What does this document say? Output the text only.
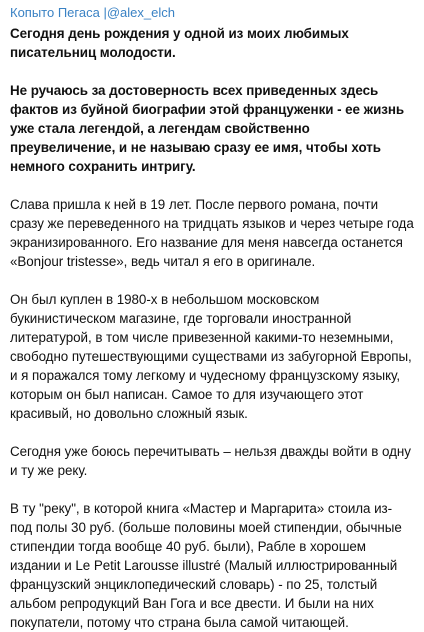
Копыто Пегаса |@alex_elch
Сегодня день рождения у одной из моих любимых писательниц молодости.
Не ручаюсь за достоверность всех приведенных здесь фактов из буйной биографии этой француженки - ее жизнь уже стала легендой, а легендам свойственно преувеличение, и не называю сразу ее имя, чтобы хоть немного сохранить интригу.
Слава пришла к ней в 19 лет. После первого романа, почти сразу же переведенного на тридцать языков и через четыре года экранизированного. Его название для меня навсегда останется «Bonjour tristesse», ведь читал я его в оригинале.
Он был куплен в 1980-х в небольшом московском букинистическом магазине, где торговали иностранной литературой, в том числе привезенной какими-то неземными, свободно путешествующими существами из забугорной Европы, и я поражался тому легкому и чудесному французскому языку, которым он был написан. Самое то для изучающего этот красивый, но довольно сложный язык.
Сегодня уже боюсь перечитывать – нельзя дважды войти в одну и ту же реку.
В ту "реку", в которой книга «Мастер и Маргарита» стоила из-под полы 30 руб. (больше половины моей стипендии, обычные стипендии тогда вообще 40 руб. были), Рабле в хорошем издании и Le Petit Larousse illustré (Малый иллюстрированный французский энциклопедический словарь) - по 25, толстый альбом репродукций Ван Гога и все двести. И были на них покупатели, потому что страна была самой читающей.
